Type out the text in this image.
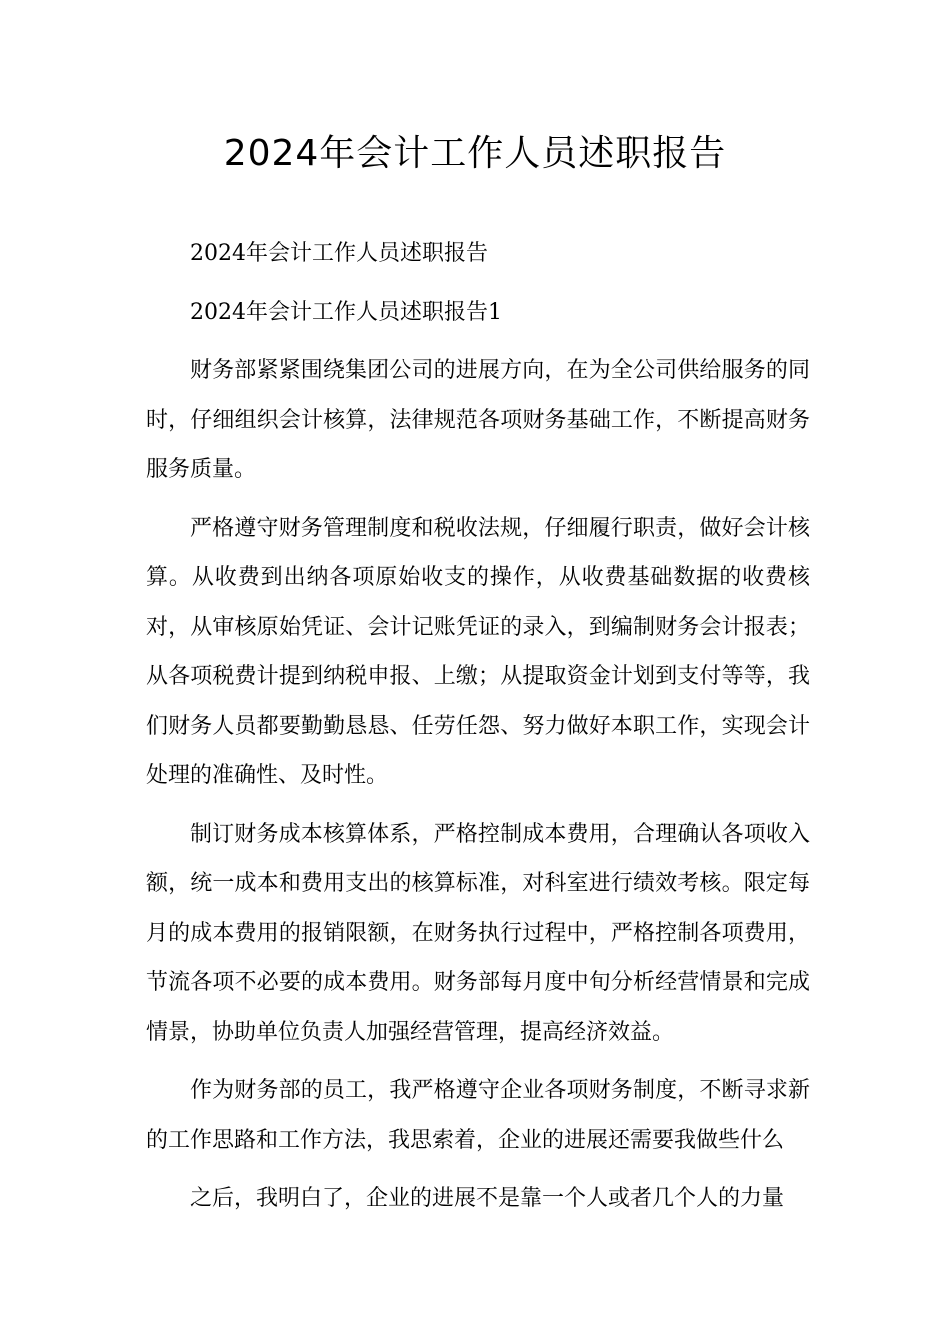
2024年会计工作人员述职报告

2024年会计工作人员述职报告

2024年会计工作人员述职报告1

财务部紧紧围绕集团公司的进展方向，在为全公司供给服务的同时，仔细组织会计核算，法律规范各项财务基础工作，不断提高财务服务质量。

严格遵守财务管理制度和税收法规，仔细履行职责，做好会计核算。从收费到出纳各项原始收支的操作，从收费基础数据的收费核对，从审核原始凭证、会计记账凭证的录入，到编制财务会计报表；从各项税费计提到纳税申报、上缴；从提取资金计划到支付等等，我们财务人员都要勤勤恳恳、任劳任怨、努力做好本职工作，实现会计处理的准确性、及时性。

制订财务成本核算体系，严格控制成本费用，合理确认各项收入额，统一成本和费用支出的核算标准，对科室进行绩效考核。限定每月的成本费用的报销限额，在财务执行过程中，严格控制各项费用，节流各项不必要的成本费用。财务部每月度中旬分析经营情景和完成情景，协助单位负责人加强经营管理，提高经济效益。

作为财务部的员工，我严格遵守企业各项财务制度，不断寻求新的工作思路和工作方法，我思索着，企业的进展还需要我做些什么

之后，我明白了，企业的进展不是靠一个人或者几个人的力量
